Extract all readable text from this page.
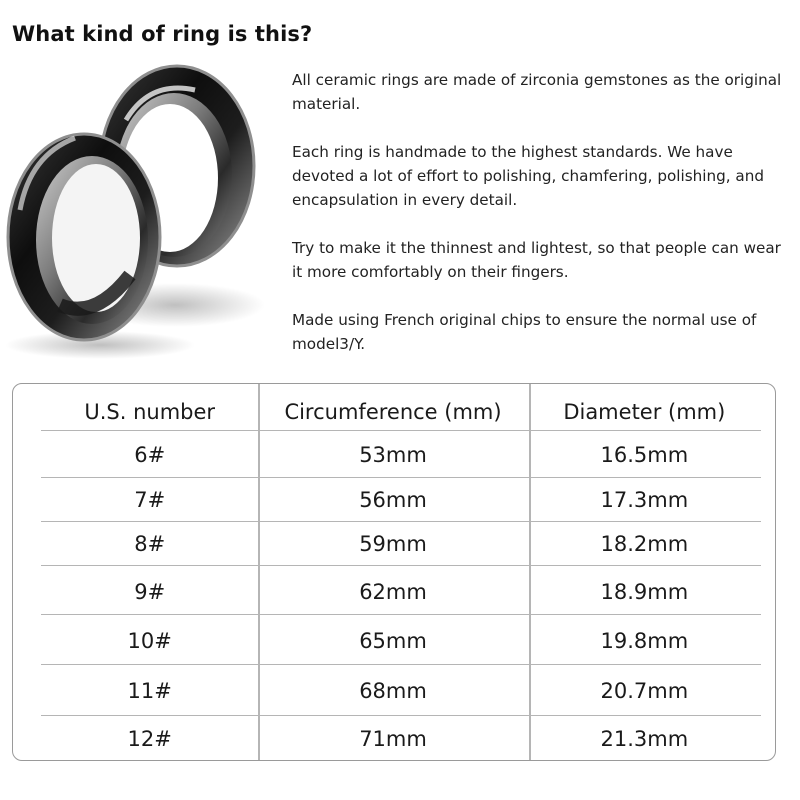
What kind of ring is this?

All ceramic rings are made of zirconia gemstones as the original material.

Each ring is handmade to the highest standards. We have devoted a lot of effort to polishing, chamfering, polishing, and encapsulation in every detail.

Try to make it the thinnest and lightest, so that people can wear it more comfortably on their fingers.

Made using French original chips to ensure the normal use of model3/Y.

U.S. number	Circumference (mm)	Diameter (mm)
6#	53mm	16.5mm
7#	56mm	17.3mm
8#	59mm	18.2mm
9#	62mm	18.9mm
10#	65mm	19.8mm
11#	68mm	20.7mm
12#	71mm	21.3mm
